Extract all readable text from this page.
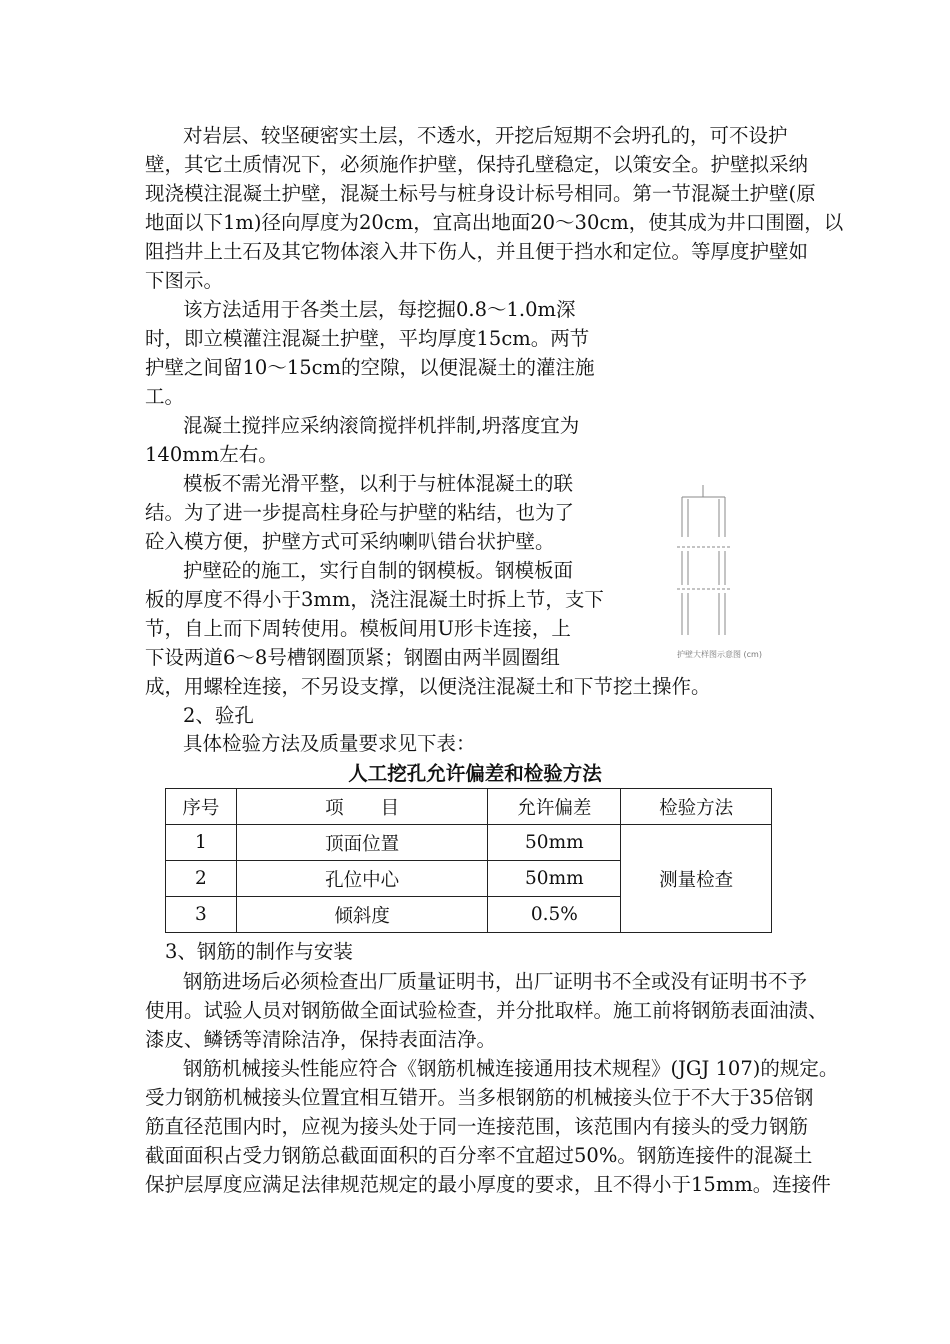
对岩层、较坚硬密实土层，不透水，开挖后短期不会坍孔的，可不设护
壁，其它土质情况下，必须施作护壁，保持孔壁稳定，以策安全。护壁拟采纳
现浇模注混凝土护壁，混凝土标号与桩身设计标号相同。第一节混凝土护壁(原
地面以下1m)径向厚度为20cm，宜高出地面20～30cm，使其成为井口围圈，以
阻挡井上土石及其它物体滚入井下伤人，并且便于挡水和定位。等厚度护壁如
下图示。
该方法适用于各类土层，每挖掘0.8～1.0m深
时，即立模灌注混凝土护壁，平均厚度15cm。两节
护壁之间留10～15cm的空隙，以便混凝土的灌注施
工。
混凝土搅拌应采纳滚筒搅拌机拌制,坍落度宜为
140mm左右。
模板不需光滑平整，以利于与桩体混凝土的联
结。为了进一步提高柱身砼与护壁的粘结，也为了
砼入模方便，护壁方式可采纳喇叭错台状护壁。
护壁砼的施工，实行自制的钢模板。钢模板面
板的厚度不得小于3mm，浇注混凝土时拆上节，支下
节，自上而下周转使用。模板间用U形卡连接，上
下设两道6～8号槽钢圈顶紧；钢圈由两半圆圈组
成，用螺栓连接，不另设支撑，以便浇注混凝土和下节挖土操作。
护壁大样图示意图 (cm)
2、验孔
具体检验方法及质量要求见下表：
人工挖孔允许偏差和检验方法
序号	项　　目	允许偏差	检验方法
1	顶面位置	50mm	测量检查
2	孔位中心	50mm	
3	倾斜度	0.5%	
3、钢筋的制作与安装
钢筋进场后必须检查出厂质量证明书，出厂证明书不全或没有证明书不予
使用。试验人员对钢筋做全面试验检查，并分批取样。施工前将钢筋表面油渍、
漆皮、鳞锈等清除洁净，保持表面洁净。
钢筋机械接头性能应符合《钢筋机械连接通用技术规程》(JGJ 107)的规定。
受力钢筋机械接头位置宜相互错开。当多根钢筋的机械接头位于不大于35倍钢
筋直径范围内时，应视为接头处于同一连接范围，该范围内有接头的受力钢筋
截面面积占受力钢筋总截面面积的百分率不宜超过50%。钢筋连接件的混凝土
保护层厚度应满足法律规范规定的最小厚度的要求，且不得小于15mm。连接件
